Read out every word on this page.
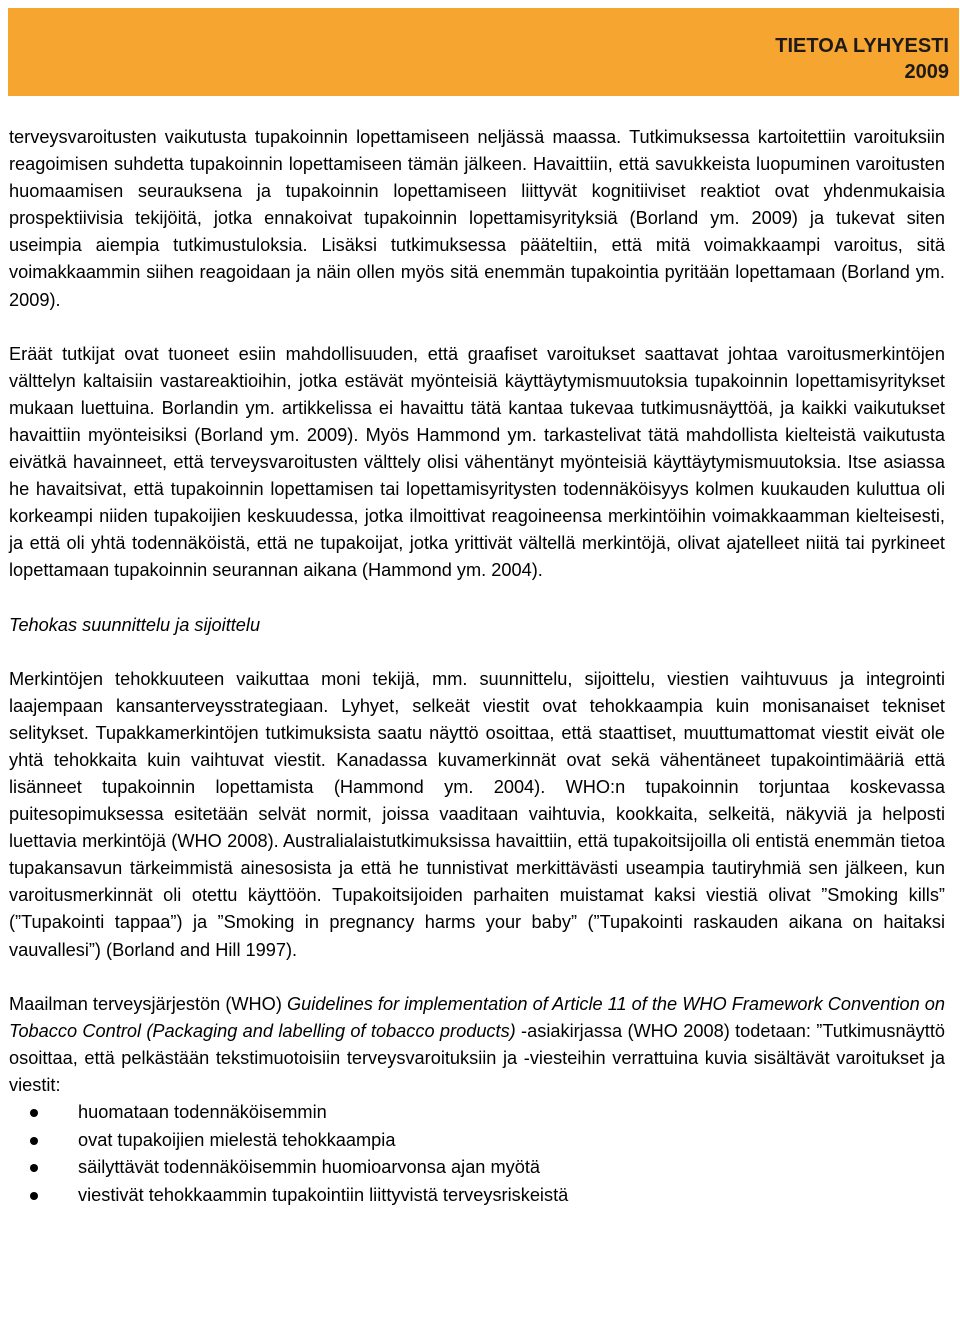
TIETOA LYHYESTI
2009

terveysvaroitusten vaikutusta tupakoinnin lopettamiseen neljässä maassa. Tutkimuksessa kartoitettiin varoituksiin reagoimisen suhdetta tupakoinnin lopettamiseen tämän jälkeen. Havaittiin, että savukkeista luopuminen varoitusten huomaamisen seurauksena ja tupakoinnin lopettamiseen liittyvät kognitiiviset reaktiot ovat yhdenmukaisia prospektiivisia tekijöitä, jotka ennakoivat tupakoinnin lopettamisyrityksiä (Borland ym. 2009) ja tukevat siten useimpia aiempia tutkimustuloksia. Lisäksi tutkimuksessa pääteltiin, että mitä voimakkaampi varoitus, sitä voimakkaammin siihen reagoidaan ja näin ollen myös sitä enemmän tupakointia pyritään lopettamaan (Borland ym. 2009).

Eräät tutkijat ovat tuoneet esiin mahdollisuuden, että graafiset varoitukset saattavat johtaa varoitusmerkintöjen välttelyn kaltaisiin vastareaktioihin, jotka estävät myönteisiä käyttäytymismuutoksia tupakoinnin lopettamisyritykset mukaan luettuina. Borlandin ym. artikkelissa ei havaittu tätä kantaa tukevaa tutkimusnäyttöä, ja kaikki vaikutukset havaittiin myönteisiksi (Borland ym. 2009). Myös Hammond ym. tarkastelivat tätä mahdollista kielteistä vaikutusta eivätkä havainneet, että terveysvaroitusten välttely olisi vähentänyt myönteisiä käyttäytymismuutoksia. Itse asiassa he havaitsivat, että tupakoinnin lopettamisen tai lopettamisyritysten todennäköisyys kolmen kuukauden kuluttua oli korkeampi niiden tupakoijien keskuudessa, jotka ilmoittivat reagoineensa merkintöihin voimakkaamman kielteisesti, ja että oli yhtä todennäköistä, että ne tupakoijat, jotka yrittivät vältellä merkintöjä, olivat ajatelleet niitä tai pyrkineet lopettamaan tupakoinnin seurannan aikana (Hammond ym. 2004).

Tehokas suunnittelu ja sijoittelu

Merkintöjen tehokkuuteen vaikuttaa moni tekijä, mm. suunnittelu, sijoittelu, viestien vaihtuvuus ja integrointi laajempaan kansanterveysstrategiaan. Lyhyet, selkeät viestit ovat tehokkaampia kuin monisanaiset tekniset selitykset. Tupakkamerkintöjen tutkimuksista saatu näyttö osoittaa, että staattiset, muuttumattomat viestit eivät ole yhtä tehokkaita kuin vaihtuvat viestit. Kanadassa kuvamerkinnät ovat sekä vähentäneet tupakointimääriä että lisänneet tupakoinnin lopettamista (Hammond ym. 2004). WHO:n tupakoinnin torjuntaa koskevassa puitesopimuksessa esitetään selvät normit, joissa vaaditaan vaihtuvia, kookkaita, selkeitä, näkyviä ja helposti luettavia merkintöjä (WHO 2008). Australialaistutkimuksissa havaittiin, että tupakoitsijoilla oli entistä enemmän tietoa tupakansavun tärkeimmistä ainesosista ja että he tunnistivat merkittävästi useampia tautiryhmiä sen jälkeen, kun varoitusmerkinnät oli otettu käyttöön. Tupakoitsijoiden parhaiten muistamat kaksi viestiä olivat ”Smoking kills” (”Tupakointi tappaa”) ja ”Smoking in pregnancy harms your baby” (”Tupakointi raskauden aikana on haitaksi vauvallesi”) (Borland and Hill 1997).

Maailman terveysjärjestön (WHO) Guidelines for implementation of Article 11 of the WHO Framework Convention on Tobacco Control (Packaging and labelling of tobacco products) -asiakirjassa (WHO 2008) todetaan: ”Tutkimusnäyttö osoittaa, että pelkästään tekstimuotoisiin terveysvaroituksiin ja -viesteihin verrattuina kuvia sisältävät varoitukset ja viestit:

huomataan todennäköisemmin
ovat tupakoijien mielestä tehokkaampia
säilyttävät todennäköisemmin huomioarvonsa ajan myötä
viestivät tehokkaammin tupakointiin liittyvistä terveysriskeistä
